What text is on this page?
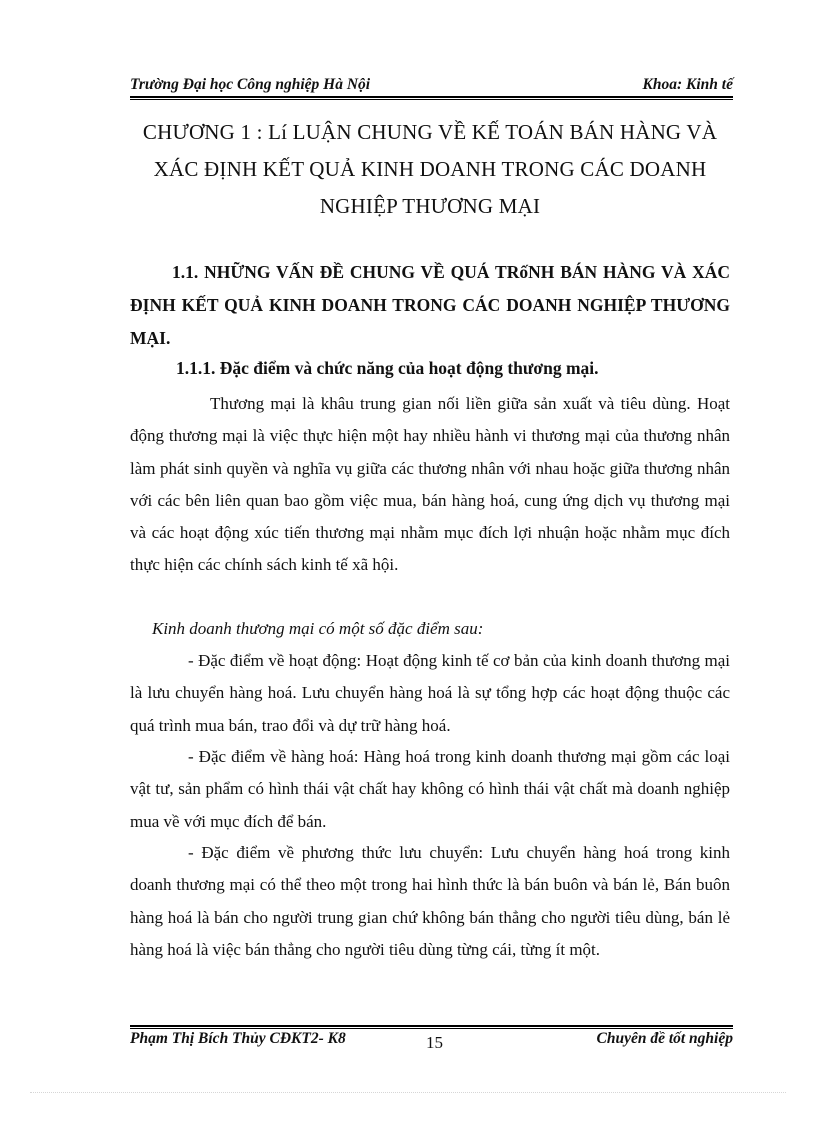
Trường Đại học Công nghiệp Hà Nội	Khoa: Kinh tế
CHƯƠNG 1 : Lí LUẬN CHUNG VỀ KẾ TOÁN BÁN HÀNG VÀ XÁC ĐỊNH KẾT QUẢ KINH DOANH TRONG CÁC DOANH NGHIỆP THƯƠNG MẠI
1.1. NHỮNG VẤN ĐỀ CHUNG VỀ QUÁ TRốNH BÁN HÀNG VÀ XÁC ĐỊNH KẾT QUẢ KINH DOANH TRONG CÁC DOANH NGHIỆP THƯƠNG MẠI.
1.1.1. Đặc điểm và chức năng của hoạt động thương mại.
Thương mại là khâu trung gian nối liền giữa sản xuất và tiêu dùng. Hoạt động thương mại là việc thực hiện một hay nhiều hành vi thương mại của thương nhân làm phát sinh quyền và nghĩa vụ giữa các thương nhân với nhau hoặc giữa thương nhân với các bên liên quan bao gồm việc mua, bán hàng hoá, cung ứng dịch vụ thương mại và các hoạt động xúc tiến thương mại nhằm mục đích lợi nhuận hoặc nhằm mục đích thực hiện các chính sách kinh tế xã hội.
Kinh doanh thương mại có một số đặc điểm sau:
- Đặc điểm về hoạt động: Hoạt động kinh tế cơ bản của kinh doanh thương mại là lưu chuyển hàng hoá. Lưu chuyển hàng hoá là sự tổng hợp các hoạt động thuộc các quá trình mua bán, trao đổi và dự trữ hàng hoá.
- Đặc điểm về hàng hoá: Hàng hoá trong kinh doanh thương mại gồm các loại vật tư, sản phẩm có hình thái vật chất hay không có hình thái vật chất mà doanh nghiệp mua về với mục đích để bán.
- Đặc điểm về phương thức lưu chuyển: Lưu chuyển hàng hoá trong kinh doanh thương mại có thể theo một trong hai hình thức là bán buôn và bán lẻ, Bán buôn hàng hoá là bán cho người trung gian chứ không bán thẳng cho người tiêu dùng, bán lẻ hàng hoá là việc bán thẳng cho người tiêu dùng từng cái, từng ít một.
Phạm Thị Bích Thủy CĐKT2- K8	15	Chuyên đề tốt nghiệp
